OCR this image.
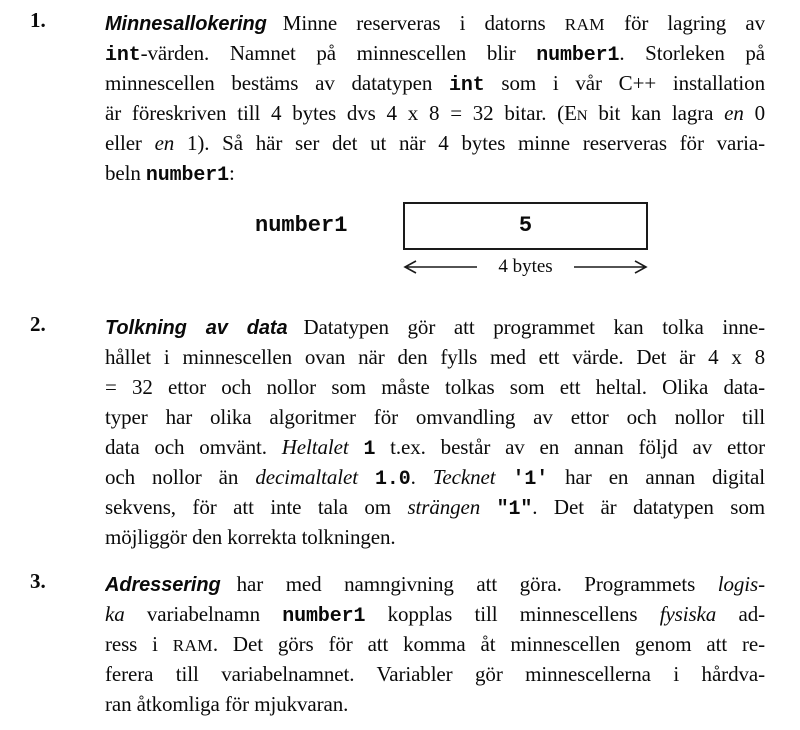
1.	Minnesallokering Minne reserveras i datorns RAM för lagring av
int-värden. Namnet på minnescellen blir number1. Storleken på
minnescellen bestäms av datatypen int som i vår C++ installation
är föreskriven till 4 bytes dvs 4 x 8 = 32 bitar. (En bit kan lagra en 0
eller en 1). Så här ser det ut när 4 bytes minne reserveras för varia-
beln number1:
number1	5
4 bytes
2.	Tolkning av data Datatypen gör att programmet kan tolka inne-
hållet i minnescellen ovan när den fylls med ett värde. Det är 4 x 8
= 32 ettor och nollor som måste tolkas som ett heltal. Olika data-
typer har olika algoritmer för omvandling av ettor och nollor till
data och omvänt. Heltalet 1 t.ex. består av en annan följd av ettor
och nollor än decimaltalet 1.0. Tecknet '1' har en annan digital
sekvens, för att inte tala om strängen "1". Det är datatypen som
möjliggör den korrekta tolkningen.
3.	Adressering har med namngivning att göra. Programmets logis-
ka variabelnamn number1 kopplas till minnescellens fysiska ad-
ress i RAM. Det görs för att komma åt minnescellen genom att re-
ferera till variabelnamnet. Variabler gör minnescellerna i hårdva-
ran åtkomliga för mjukvaran.
